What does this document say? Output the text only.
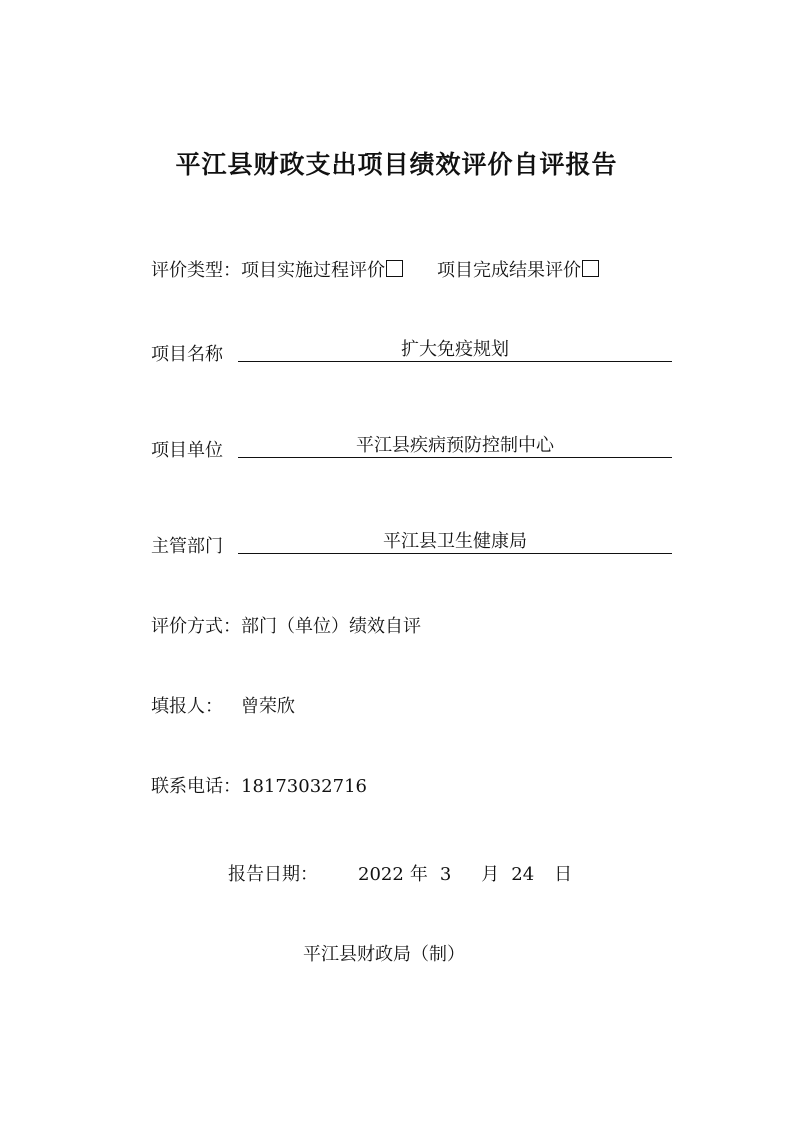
平江县财政支出项目绩效评价自评报告
评价类型：项目实施过程评价	项目完成结果评价
项目名称	扩大免疫规划
项目单位	平江县疾病预防控制中心
主管部门	平江县卫生健康局
评价方式：部门（单位）绩效自评
填报人： 曾荣欣
联系电话：18173032716
报告日期： 2022 年 3 月 24 日
平江县财政局（制）
